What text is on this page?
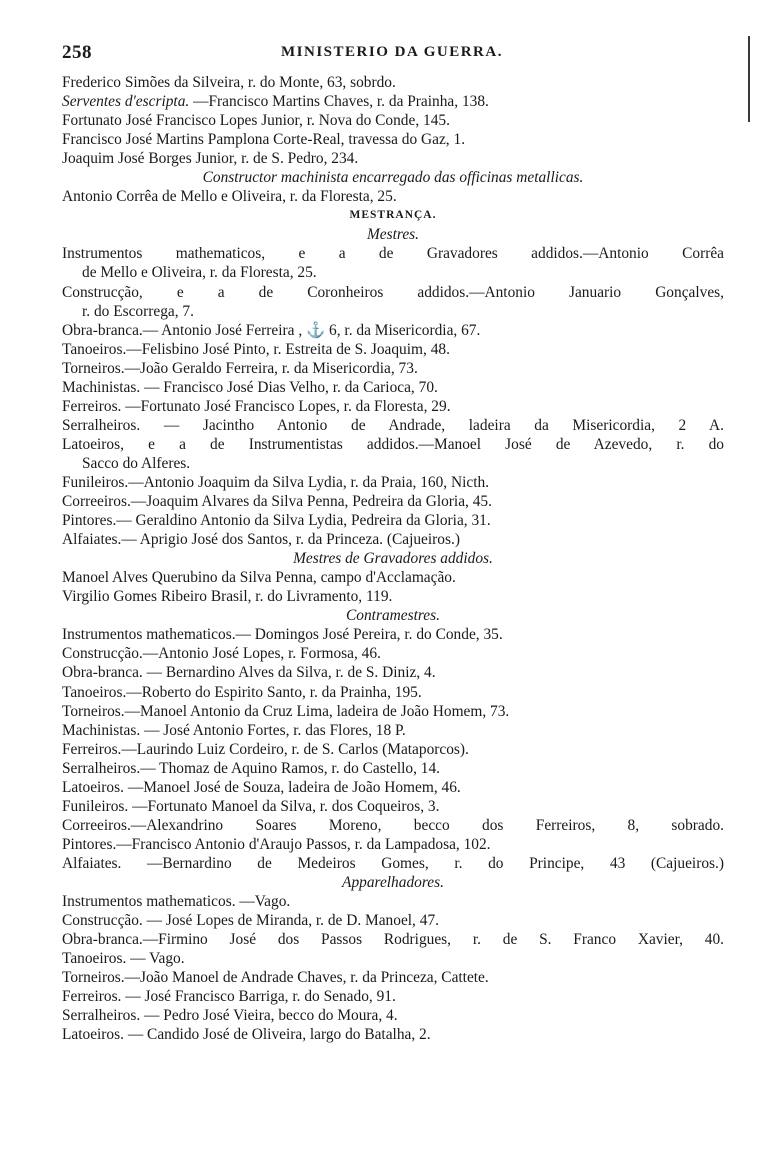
258	MINISTERIO DA GUERRA.
Frederico Simões da Silveira, r. do Monte, 63, sobrdo.
Serventes d'escripta. —Francisco Martins Chaves, r. da Prainha, 138.
Fortunato José Francisco Lopes Junior, r. Nova do Conde, 145.
Francisco José Martins Pamplona Corte-Real, travessa do Gaz, 1.
Joaquim José Borges Junior, r. de S. Pedro, 234.
Constructor machinista encarregado das officinas metallicas.
Antonio Corrêa de Mello e Oliveira, r. da Floresta, 25.
MESTRANÇA.
Mestres.
Instrumentos mathematicos, e a de Gravadores addidos.—Antonio Corrêa
de Mello e Oliveira, r. da Floresta, 25.
Construcção, e a de Coronheiros addidos.—Antonio Januario Gonçalves,
r. do Escorrega, 7.
Obra-branca.— Antonio José Ferreira , ⚓ 6, r. da Misericordia, 67.
Tanoeiros.—Felisbino José Pinto, r. Estreita de S. Joaquim, 48.
Torneiros.—João Geraldo Ferreira, r. da Misericordia, 73.
Machinistas. — Francisco José Dias Velho, r. da Carioca, 70.
Ferreiros. —Fortunato José Francisco Lopes, r. da Floresta, 29.
Serralheiros. — Jacintho Antonio de Andrade, ladeira da Misericordia, 2 A.
Latoeiros, e a de Instrumentistas addidos.—Manoel José de Azevedo, r. do
Sacco do Alferes.
Funileiros.—Antonio Joaquim da Silva Lydia, r. da Praia, 160, Nicth.
Correeiros.—Joaquim Alvares da Silva Penna, Pedreira da Gloria, 45.
Pintores.— Geraldino Antonio da Silva Lydia, Pedreira da Gloria, 31.
Alfaiates.— Aprigio José dos Santos, r. da Princeza. (Cajueiros.)
Mestres de Gravadores addidos.
Manoel Alves Querubino da Silva Penna, campo d'Acclamação.
Virgilio Gomes Ribeiro Brasil, r. do Livramento, 119.
Contramestres.
Instrumentos mathematicos.— Domingos José Pereira, r. do Conde, 35.
Construcção.—Antonio José Lopes, r. Formosa, 46.
Obra-branca. — Bernardino Alves da Silva, r. de S. Diniz, 4.
Tanoeiros.—Roberto do Espirito Santo, r. da Prainha, 195.
Torneiros.—Manoel Antonio da Cruz Lima, ladeira de João Homem, 73.
Machinistas. — José Antonio Fortes, r. das Flores, 18 P.
Ferreiros.—Laurindo Luiz Cordeiro, r. de S. Carlos (Mataporcos).
Serralheiros.— Thomaz de Aquino Ramos, r. do Castello, 14.
Latoeiros. —Manoel José de Souza, ladeira de João Homem, 46.
Funileiros. —Fortunato Manoel da Silva, r. dos Coqueiros, 3.
Correeiros.—Alexandrino Soares Moreno, becco dos Ferreiros, 8, sobrado.
Pintores.—Francisco Antonio d'Araujo Passos, r. da Lampadosa, 102.
Alfaiates. —Bernardino de Medeiros Gomes, r. do Principe, 43 (Cajueiros.)
Apparelhadores.
Instrumentos mathematicos. —Vago.
Construcção. — José Lopes de Miranda, r. de D. Manoel, 47.
Obra-branca.—Firmino José dos Passos Rodrigues, r. de S. Franco Xavier, 40.
Tanoeiros. — Vago.
Torneiros.—João Manoel de Andrade Chaves, r. da Princeza, Cattete.
Ferreiros. — José Francisco Barriga, r. do Senado, 91.
Serralheiros. — Pedro José Vieira, becco do Moura, 4.
Latoeiros. — Candido José de Oliveira, largo do Batalha, 2.
